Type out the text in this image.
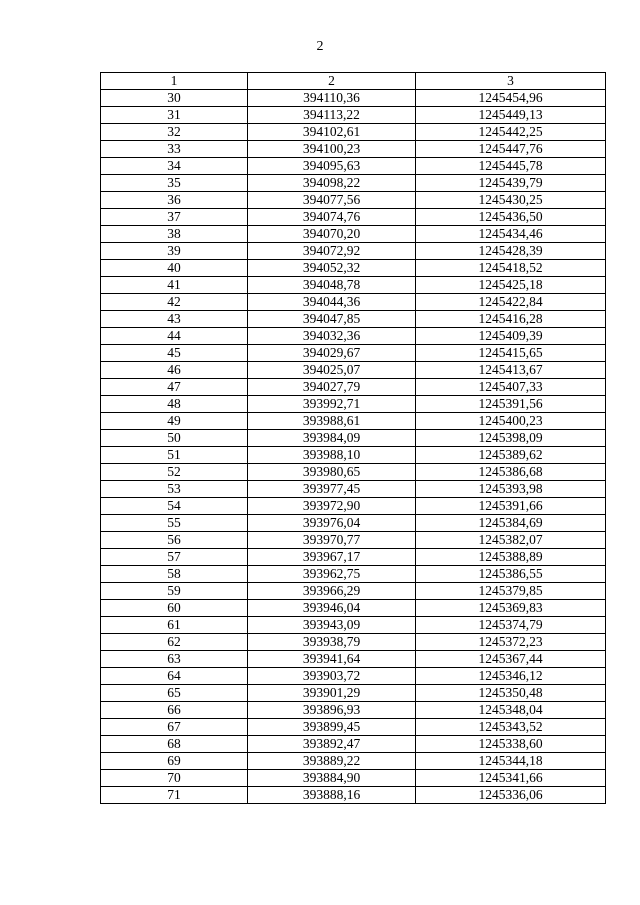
2
1	2	3
30	394110,36	1245454,96
31	394113,22	1245449,13
32	394102,61	1245442,25
33	394100,23	1245447,76
34	394095,63	1245445,78
35	394098,22	1245439,79
36	394077,56	1245430,25
37	394074,76	1245436,50
38	394070,20	1245434,46
39	394072,92	1245428,39
40	394052,32	1245418,52
41	394048,78	1245425,18
42	394044,36	1245422,84
43	394047,85	1245416,28
44	394032,36	1245409,39
45	394029,67	1245415,65
46	394025,07	1245413,67
47	394027,79	1245407,33
48	393992,71	1245391,56
49	393988,61	1245400,23
50	393984,09	1245398,09
51	393988,10	1245389,62
52	393980,65	1245386,68
53	393977,45	1245393,98
54	393972,90	1245391,66
55	393976,04	1245384,69
56	393970,77	1245382,07
57	393967,17	1245388,89
58	393962,75	1245386,55
59	393966,29	1245379,85
60	393946,04	1245369,83
61	393943,09	1245374,79
62	393938,79	1245372,23
63	393941,64	1245367,44
64	393903,72	1245346,12
65	393901,29	1245350,48
66	393896,93	1245348,04
67	393899,45	1245343,52
68	393892,47	1245338,60
69	393889,22	1245344,18
70	393884,90	1245341,66
71	393888,16	1245336,06
